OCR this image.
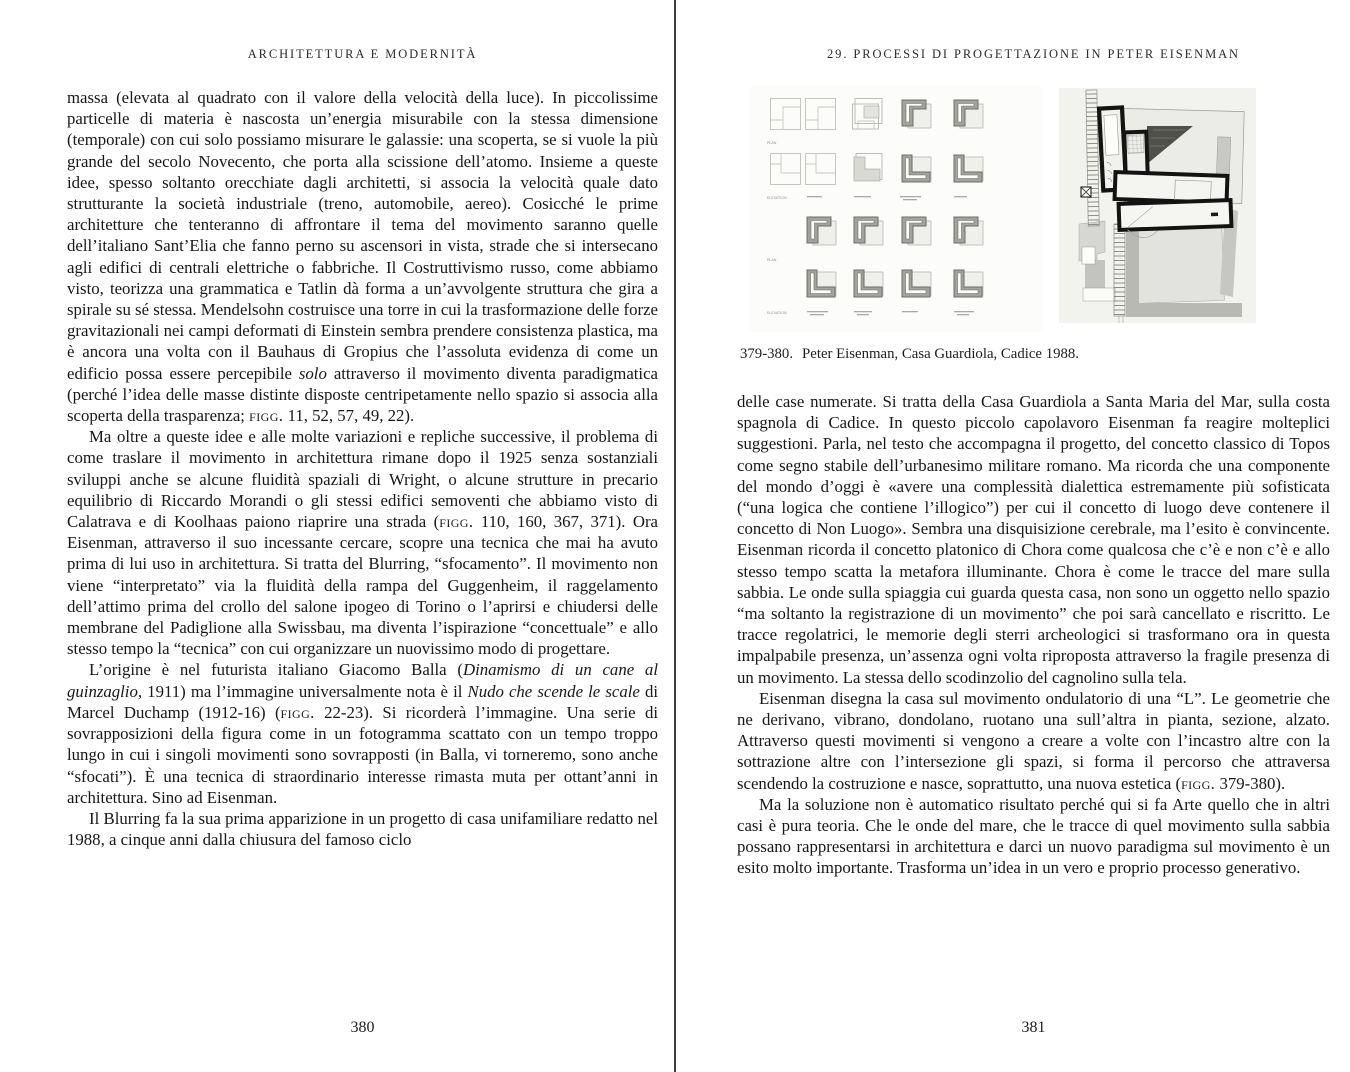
ARCHITETTURA E MODERNITÀ

massa (elevata al quadrato con il valore della velocità della luce). In piccolissime particelle di materia è nascosta un’energia misurabile con la stessa dimensione (temporale) con cui solo possiamo misurare le galassie: una scoperta, se si vuole la più grande del secolo Novecento, che porta alla scissione dell’atomo. Insieme a queste idee, spesso soltanto orecchiate dagli architetti, si associa la velocità quale dato strutturante la società industriale (treno, automobile, aereo). Cosicché le prime architetture che tenteranno di affrontare il tema del movimento saranno quelle dell’italiano Sant’Elia che fanno perno su ascensori in vista, strade che si intersecano agli edifici di centrali elettriche o fabbriche. Il Costruttivismo russo, come abbiamo visto, teorizza una grammatica e Tatlin dà forma a un’avvolgente struttura che gira a spirale su sé stessa. Mendelsohn costruisce una torre in cui la trasformazione delle forze gravitazionali nei campi deformati di Einstein sembra prendere consistenza plastica, ma è ancora una volta con il Bauhaus di Gropius che l’assoluta evidenza di come un edificio possa essere percepibile solo attraverso il movimento diventa paradigmatica (perché l’idea delle masse distinte disposte centripetamente nello spazio si associa alla scoperta della trasparenza; figg. 11, 52, 57, 49, 22).

Ma oltre a queste idee e alle molte variazioni e repliche successive, il problema di come traslare il movimento in architettura rimane dopo il 1925 senza sostanziali sviluppi anche se alcune fluidità spaziali di Wright, o alcune strutture in precario equilibrio di Riccardo Morandi o gli stessi edifici semoventi che abbiamo visto di Calatrava e di Koolhaas paiono riaprire una strada (figg. 110, 160, 367, 371). Ora Eisenman, attraverso il suo incessante cercare, scopre una tecnica che mai ha avuto prima di lui uso in architettura. Si tratta del Blurring, “sfocamento”. Il movimento non viene “interpretato” via la fluidità della rampa del Guggenheim, il raggelamento dell’attimo prima del crollo del salone ipogeo di Torino o l’aprirsi e chiudersi delle membrane del Padiglione alla Swissbau, ma diventa l’ispirazione “concettuale” e allo stesso tempo la “tecnica” con cui organizzare un nuovissimo modo di progettare.

L’origine è nel futurista italiano Giacomo Balla (Dinamismo di un cane al guinzaglio, 1911) ma l’immagine universalmente nota è il Nudo che scende le scale di Marcel Duchamp (1912-16) (figg. 22-23). Si ricorderà l’immagine. Una serie di sovrapposizioni della figura come in un fotogramma scattato con un tempo troppo lungo in cui i singoli movimenti sono sovrapposti (in Balla, vi torneremo, sono anche “sfocati”). È una tecnica di straordinario interesse rimasta muta per ottant’anni in architettura. Sino ad Eisenman.

Il Blurring fa la sua prima apparizione in un progetto di casa unifamiliare redatto nel 1988, a cinque anni dalla chiusura del famoso ciclo

380
29. PROCESSI DI PROGETTAZIONE IN PETER EISENMAN
PLAN
ELEVATION
PLAN
ELEVATION
379-380. Peter Eisenman, Casa Guardiola, Cadice 1988.

delle case numerate. Si tratta della Casa Guardiola a Santa Maria del Mar, sulla costa spagnola di Cadice. In questo piccolo capolavoro Eisenman fa reagire molteplici suggestioni. Parla, nel testo che accompagna il progetto, del concetto classico di Topos come segno stabile dell’urbanesimo militare romano. Ma ricorda che una componente del mondo d’oggi è «avere una complessità dialettica estremamente più sofisticata (“una logica che contiene l’illogico”) per cui il concetto di luogo deve contenere il concetto di Non Luogo». Sembra una disquisizione cerebrale, ma l’esito è convincente. Eisenman ricorda il concetto platonico di Chora come qualcosa che c’è e non c’è e allo stesso tempo scatta la metafora illuminante. Chora è come le tracce del mare sulla sabbia. Le onde sulla spiaggia cui guarda questa casa, non sono un oggetto nello spazio “ma soltanto la registrazione di un movimento” che poi sarà cancellato e riscritto. Le tracce regolatrici, le memorie degli sterri archeologici si trasformano ora in questa impalpabile presenza, un’assenza ogni volta riproposta attraverso la fragile presenza di un movimento. La stessa dello scodinzolio del cagnolino sulla tela.

Eisenman disegna la casa sul movimento ondulatorio di una “L”. Le geometrie che ne derivano, vibrano, dondolano, ruotano una sull’altra in pianta, sezione, alzato. Attraverso questi movimenti si vengono a creare a volte con l’incastro altre con la sottrazione altre con l’intersezione gli spazi, si forma il percorso che attraversa scendendo la costruzione e nasce, soprattutto, una nuova estetica (figg. 379-380).

Ma la soluzione non è automatico risultato perché qui si fa Arte quello che in altri casi è pura teoria. Che le onde del mare, che le tracce di quel movimento sulla sabbia possano rappresentarsi in architettura e darci un nuovo paradigma sul movimento è un esito molto importante. Trasforma un’idea in un vero e proprio processo generativo.

381
